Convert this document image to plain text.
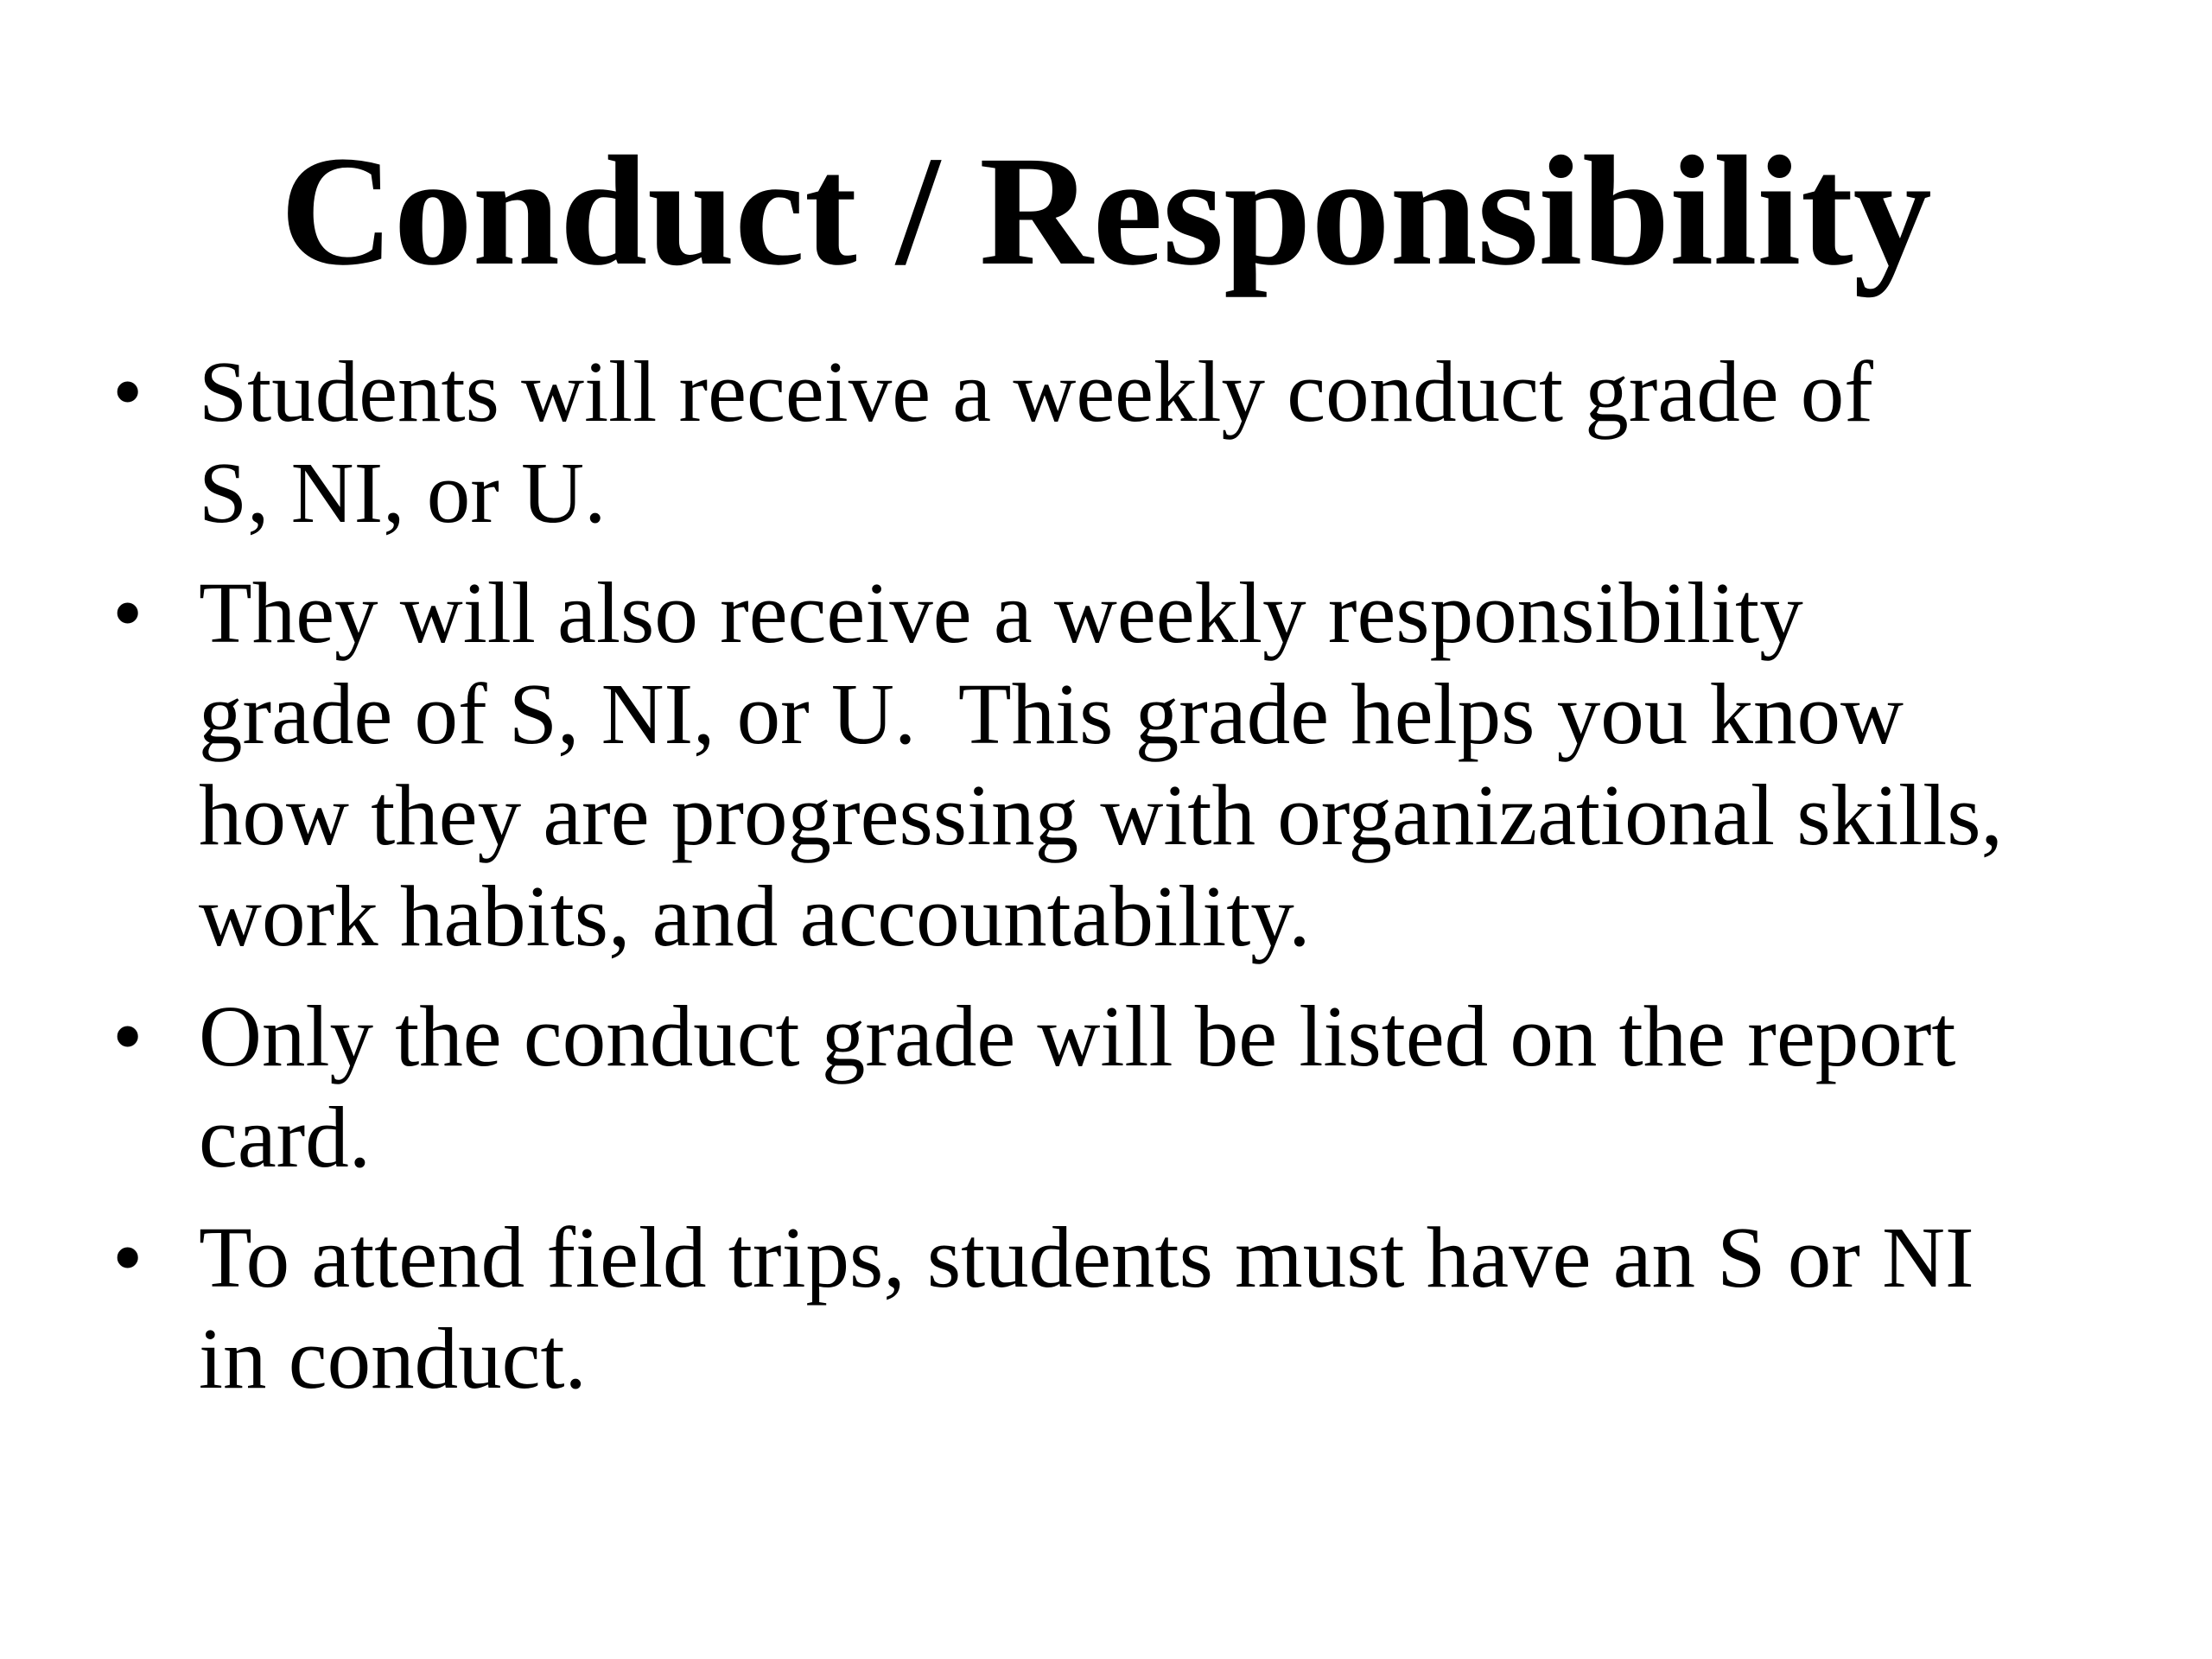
Conduct / Responsibility
• Students will receive a weekly conduct grade of
S, NI, or U.
• They will also receive a weekly responsibility
grade of S, NI, or U.  This grade helps you know
how they are progressing with organizational skills,
work habits, and accountability.
• Only the conduct grade will be listed on the report
card.
• To attend field trips, students must have an S or NI
in conduct.
